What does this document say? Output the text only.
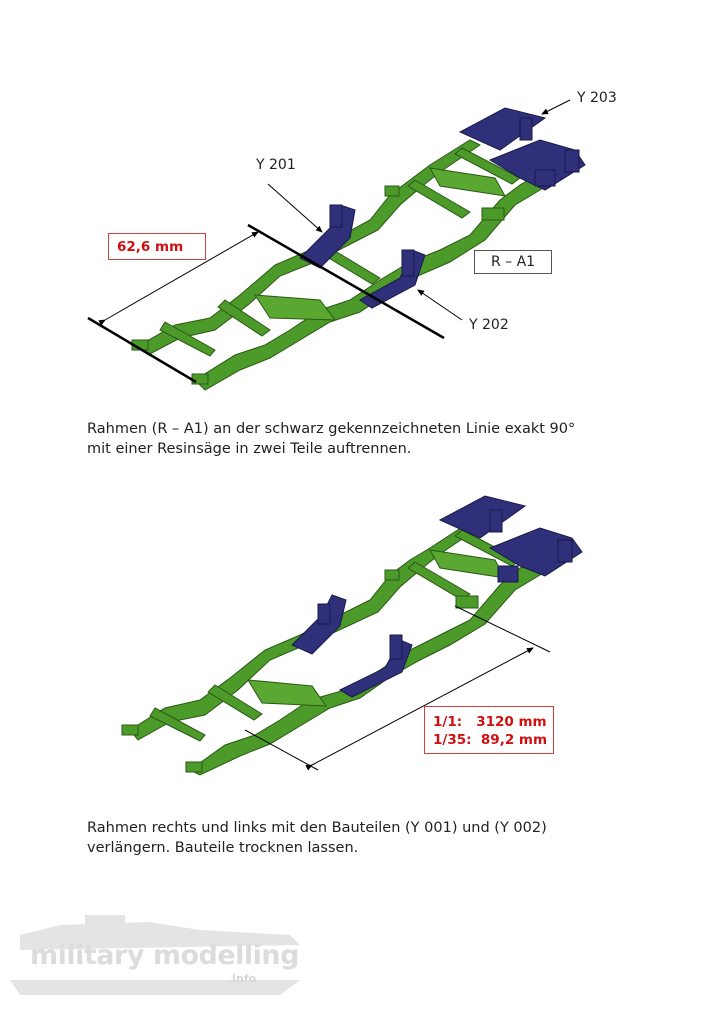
Y 201
Y 203
Y 202
R – A1
62,6 mm
Rahmen (R – A1) an der schwarz gekennzeichneten Linie exakt 90°
mit einer Resinsäge in zwei Teile auftrennen.
1/1:   3120 mm
1/35:  89,2 mm
Rahmen rechts und links mit den Bauteilen (Y 001) und (Y 002)
verlängern. Bauteile trocknen lassen.
military modelling
.info
